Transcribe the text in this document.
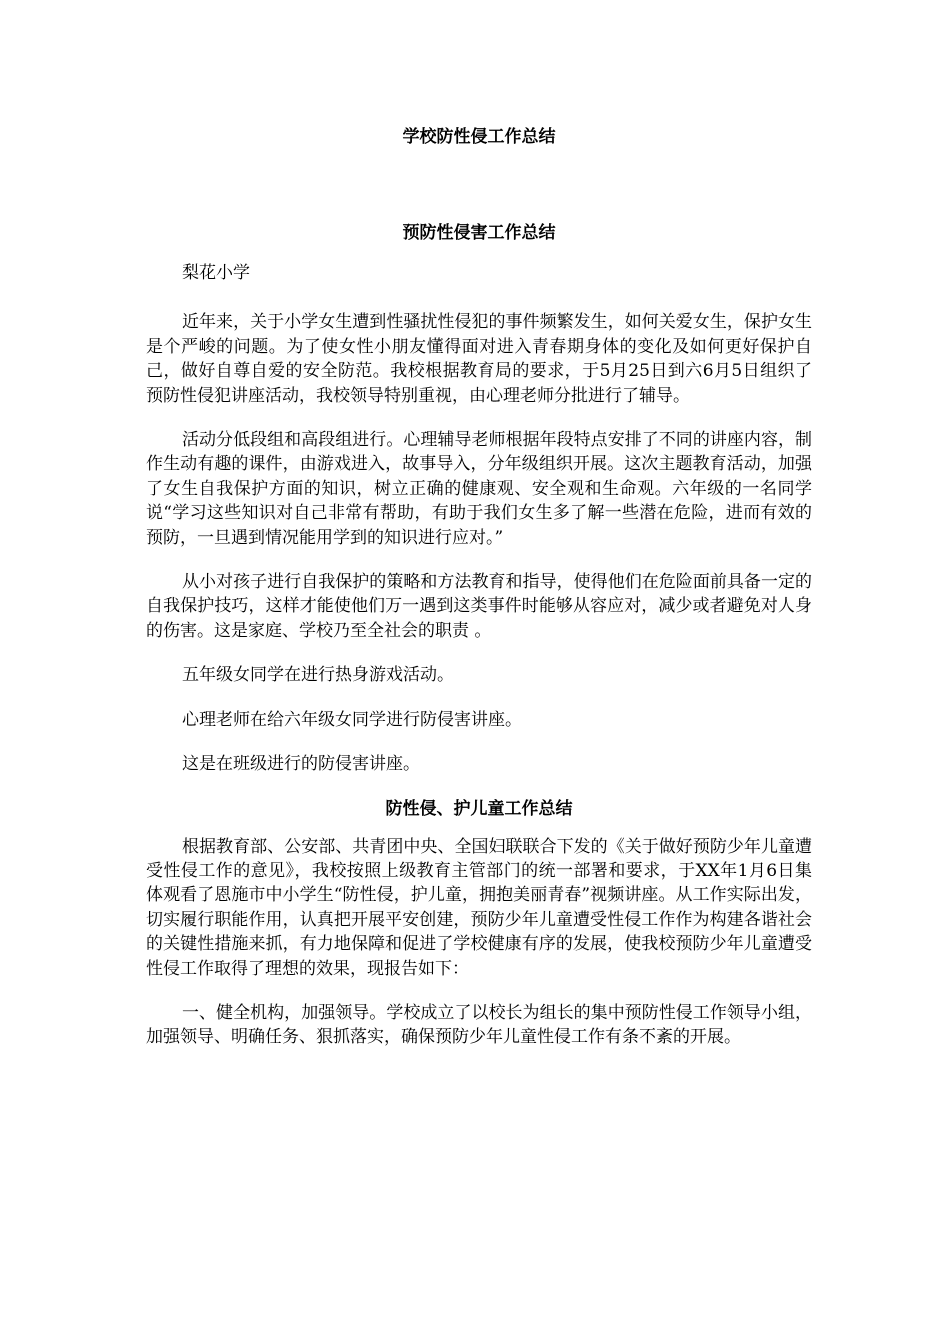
学校防性侵工作总结
预防性侵害工作总结

梨花小学

近年来，关于小学女生遭到性骚扰性侵犯的事件频繁发生，如何关爱女生，保护女生是个严峻的问题。为了使女性小朋友懂得面对进入青春期身体的变化及如何更好保护自己，做好自尊自爱的安全防范。我校根据教育局的要求，于5月25日到六6月5日组织了预防性侵犯讲座活动，我校领导特别重视，由心理老师分批进行了辅导。

活动分低段组和高段组进行。心理辅导老师根据年段特点安排了不同的讲座内容，制作生动有趣的课件，由游戏进入，故事导入，分年级组织开展。这次主题教育活动，加强了女生自我保护方面的知识，树立正确的健康观、安全观和生命观。六年级的一名同学说“学习这些知识对自己非常有帮助，有助于我们女生多了解一些潜在危险，进而有效的预防，一旦遇到情况能用学到的知识进行应对。”

从小对孩子进行自我保护的策略和方法教育和指导，使得他们在危险面前具备一定的自我保护技巧，这样才能使他们万一遇到这类事件时能够从容应对，减少或者避免对人身的伤害。这是家庭、学校乃至全社会的职责 。

五年级女同学在进行热身游戏活动。

心理老师在给六年级女同学进行防侵害讲座。

这是在班级进行的防侵害讲座。

防性侵、护儿童工作总结

根据教育部、公安部、共青团中央、全国妇联联合下发的《关于做好预防少年儿童遭受性侵工作的意见》，我校按照上级教育主管部门的统一部署和要求，于XX年1月6日集体观看了恩施市中小学生“防性侵，护儿童，拥抱美丽青春”视频讲座。从工作实际出发，切实履行职能作用，认真把开展平安创建，预防少年儿童遭受性侵工作作为构建各谐社会的关键性措施来抓，有力地保障和促进了学校健康有序的发展，使我校预防少年儿童遭受性侵工作取得了理想的效果，现报告如下：

一、健全机构，加强领导。学校成立了以校长为组长的集中预防性侵工作领导小组，加强领导、明确任务、狠抓落实，确保预防少年儿童性侵工作有条不紊的开展。
